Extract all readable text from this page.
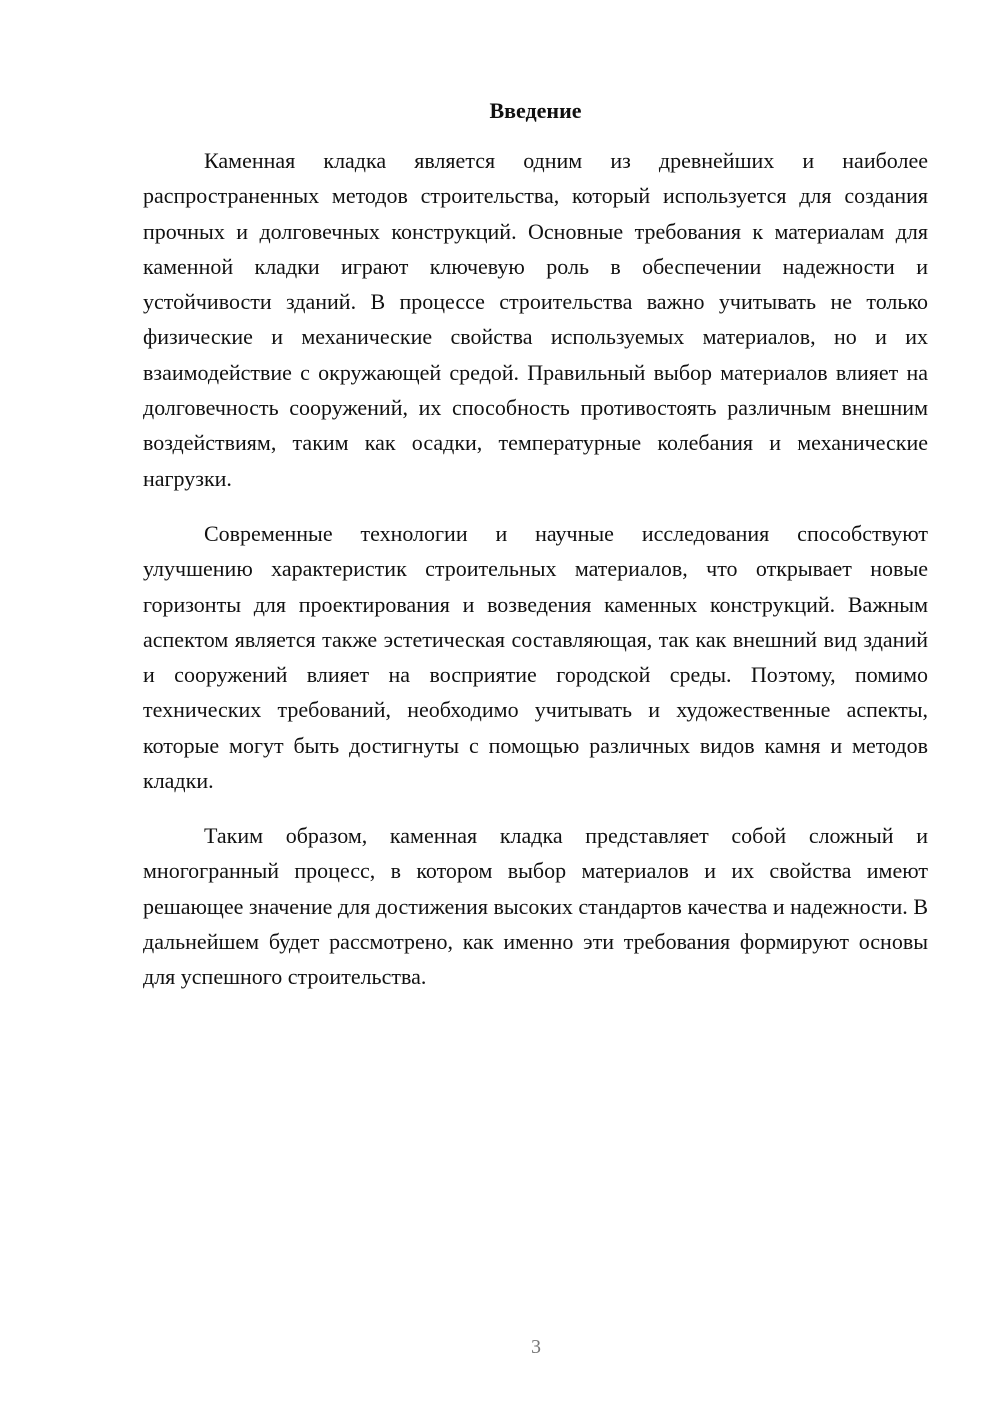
Введение

Каменная кладка является одним из древнейших и наиболее распространенных методов строительства, который используется для создания прочных и долговечных конструкций. Основные требования к материалам для каменной кладки играют ключевую роль в обеспечении надежности и устойчивости зданий. В процессе строительства важно учитывать не только физические и механические свойства используемых материалов, но и их взаимодействие с окружающей средой. Правильный выбор материалов влияет на долговечность сооружений, их способность противостоять различным внешним воздействиям, таким как осадки, температурные колебания и механические нагрузки.

Современные технологии и научные исследования способствуют улучшению характеристик строительных материалов, что открывает новые горизонты для проектирования и возведения каменных конструкций. Важным аспектом является также эстетическая составляющая, так как внешний вид зданий и сооружений влияет на восприятие городской среды. Поэтому, помимо технических требований, необходимо учитывать и художественные аспекты, которые могут быть достигнуты с помощью различных видов камня и методов кладки.

Таким образом, каменная кладка представляет собой сложный и многогранный процесс, в котором выбор материалов и их свойства имеют решающее значение для достижения высоких стандартов качества и надежности. В дальнейшем будет рассмотрено, как именно эти требования формируют основы для успешного строительства.

3
